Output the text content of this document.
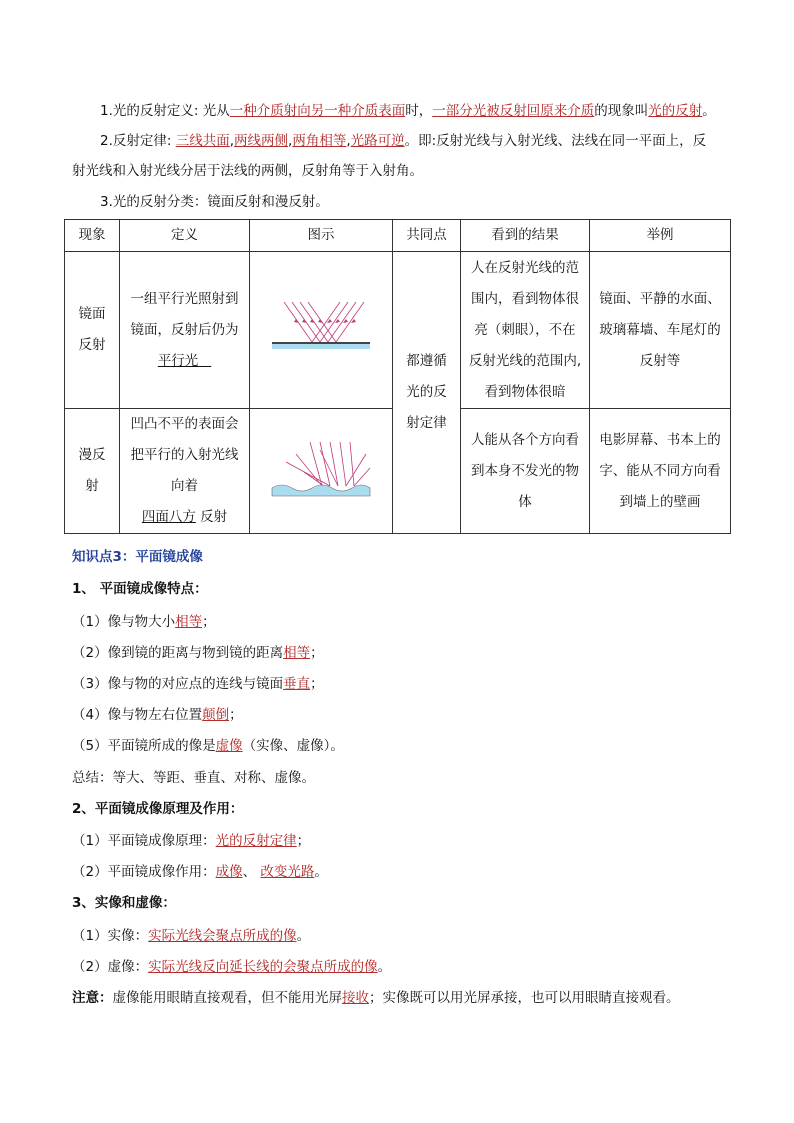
1.光的反射定义: 光从一种介质射向另一种介质表面时，一部分光被反射回原来介质的现象叫光的反射。
2.反射定律: 三线共面,两线两侧,两角相等,光路可逆。即:反射光线与入射光线、法线在同一平面上，反
射光线和入射光线分居于法线的两侧，反射角等于入射角。
3.光的反射分类：镜面反射和漫反射。
现象	定义	图示	共同点	看到的结果	举例

镜面
反射	一组平行光照射到
镜面，反射后仍为
平行光		都遵循
光的反
射定律	人在反射光线的范
围内，看到物体很
亮（刺眼），不在
反射光线的范围内,
看到物体很暗	镜面、平静的水面、
玻璃幕墙、车尾灯的
反射等

漫反
射	凹凸不平的表面会
把平行的入射光线
向着
四面八方 反射			人能从各个方向看
到本身不发光的物
体	电影屏幕、书本上的
字、能从不同方向看
到墙上的壁画
知识点3：平面镜成像
1、 平面镜成像特点：
（1）像与物大小相等；
（2）像到镜的距离与物到镜的距离相等；
（3）像与物的对应点的连线与镜面垂直；
（4）像与物左右位置颠倒；
（5）平面镜所成的像是虚像（实像、虚像）。
总结：等大、等距、垂直、对称、虚像。
2、平面镜成像原理及作用：
（1）平面镜成像原理：光的反射定律；
（2）平面镜成像作用：成像、 改变光路。
3、实像和虚像：
（1）实像：实际光线会聚点所成的像。
（2）虚像：实际光线反向延长线的会聚点所成的像。
注意：虚像能用眼睛直接观看，但不能用光屏接收；实像既可以用光屏承接，也可以用眼睛直接观看。
